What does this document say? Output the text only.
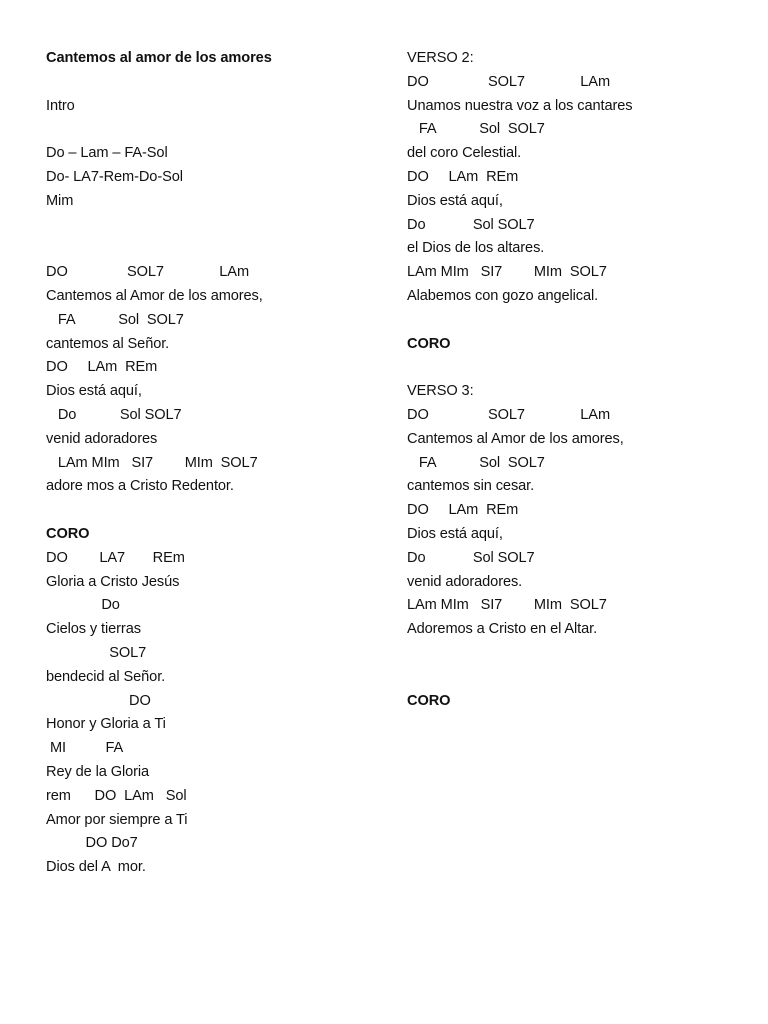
Cantemos al amor de los amores
Intro
Do – Lam – FA-Sol
Do- LA7-Rem-Do-Sol
Mim
DO               SOL7              LAm
Cantemos al Amor de los amores,
FA           Sol  SOL7
cantemos al Señor.
DO     LAm  REm
Dios está aquí,
Do           Sol SOL7
venid adoradores
LAm MIm   SI7        MIm  SOL7
adore mos a Cristo Redentor.
CORO
DO        LA7       REm
Gloria a Cristo Jesús
Do
Cielos y tierras
SOL7
bendecid al Señor.
DO
Honor y Gloria a Ti
MI          FA
Rey de la Gloria
rem      DO  LAm   Sol
Amor por siempre a Ti
DO Do7
Dios del A  mor.
VERSO 2:
DO               SOL7              LAm
Unamos nuestra voz a los cantares
FA           Sol  SOL7
del coro Celestial.
DO     LAm  REm
Dios está aquí,
Do            Sol SOL7
el Dios de los altares.
LAm MIm   SI7        MIm  SOL7
Alabemos con gozo angelical.
CORO
VERSO 3:
DO               SOL7              LAm
Cantemos al Amor de los amores,
FA           Sol  SOL7
cantemos sin cesar.
DO     LAm  REm
Dios está aquí,
Do            Sol SOL7
venid adoradores.
LAm MIm   SI7        MIm  SOL7
Adoremos a Cristo en el Altar.
CORO
